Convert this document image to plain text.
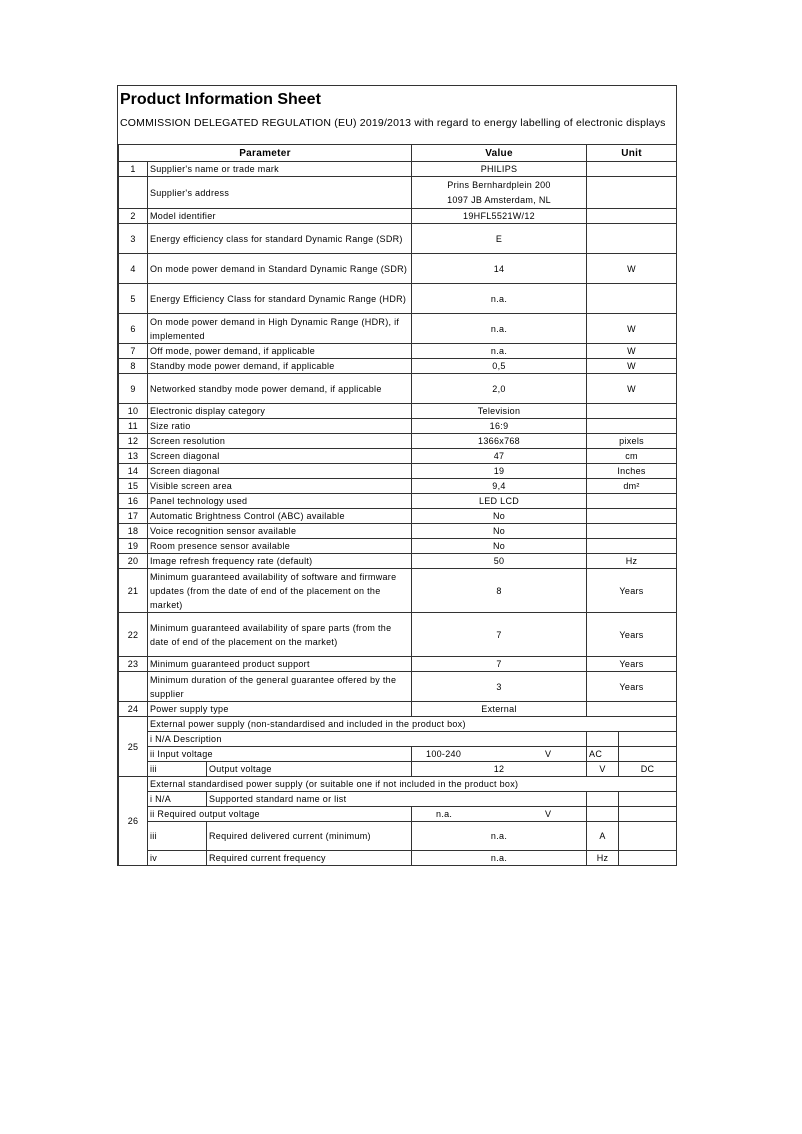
Product Information Sheet
COMMISSION DELEGATED REGULATION (EU) 2019/2013 with regard to energy labelling of electronic displays
Parameter			Value	Unit	
1	Supplier's name or trade mark		PHILIPS		
	Supplier's address		Prins Bernhardplein 200
1097 JB Amsterdam, NL		

2	Model identifier		19HFL5521W/12		
3	Energy efficiency class for standard Dynamic Range (SDR)		E		
4	On mode power demand in Standard Dynamic Range (SDR)		14	W	
5	Energy Efficiency Class for standard Dynamic Range (HDR)		n.a.		
6	On mode power demand in High Dynamic Range (HDR), if implemented		n.a.	W	
7	Off mode, power demand, if applicable		n.a.	W	
8	Standby mode power demand, if applicable		0,5	W	
9	Networked standby mode power demand, if applicable		2,0	W	
10	Electronic display category		Television		
11	Size ratio		16:9		
12	Screen resolution		1366x768	pixels	
13	Screen diagonal		47	cm	
14	Screen diagonal		19	Inches	
15	Visible screen area		9,4	dm²	
16	Panel technology used		LED LCD		
17	Automatic Brightness Control (ABC) available		No		
18	Voice recognition sensor available		No		
19	Room presence sensor available		No		
20	Image refresh frequency rate (default)		50	Hz	
21	Minimum guaranteed availability of software and firmware updates (from the date of end of the placement on the market)		8	Years	
22	Minimum guaranteed availability of spare parts (from the date of end of the placement on the market)		7	Years	
23	Minimum guaranteed product support		7	Years	
	Minimum duration of the general guarantee offered by the supplier		3	Years	
24	Power supply type		External		
25	External power supply (non-standardised and included in the product box)				
	i N/A Description				
	ii Input voltage		100-240 V	AC	
	iii	Output voltage	12	V	DC
26	External standardised power supply (or suitable one if not included in the product box)				
	i N/A	Supported standard name or list			
	ii Required output voltage		n.a. V		

	iii	Required delivered current (minimum)	n.a.	A	
	iv	Required current frequency	n.a.	Hz	
